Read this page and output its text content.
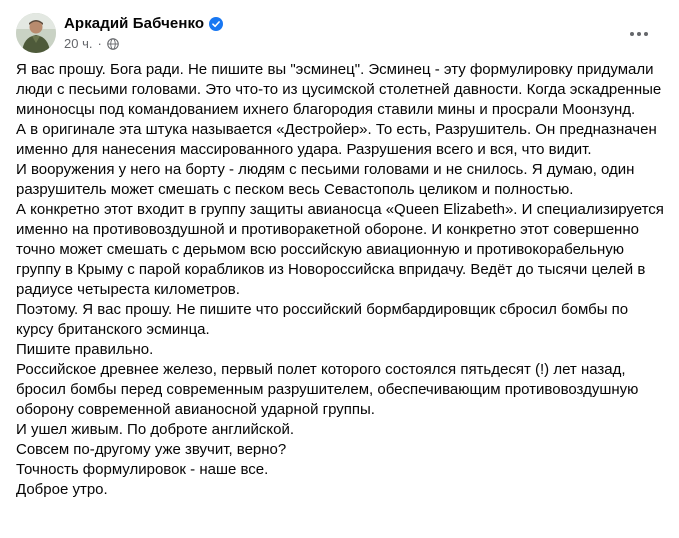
Аркадий Бабченко
20 ч. ·
Я вас прошу. Бога ради. Не пишите вы "эсминец". Эсминец - эту формулировку придумали
люди с песьими головами. Это что-то из цусимской столетней давности. Когда эскадренные
миноносцы под командованием ихнего благородия ставили мины и просрали Моонзунд.
А в оригинале эта штука называется «Дестройер». То есть, Разрушитель. Он предназначен
именно для нанесения массированного удара. Разрушения всего и вся, что видит.
И вооружения у него на борту - людям с песьими головами и не снилось. Я думаю, один
разрушитель может смешать с песком весь Севастополь целиком и полностью.
А конкретно этот входит в группу защиты авианосца «Queen Elizabeth». И специализируется
именно на противовоздушной и противоракетной обороне. И конкретно этот совершенно
точно может смешать с дерьмом всю российскую авиационную и противокорабельную
группу в Крыму с парой корабликов из Новороссийска впридачу. Ведёт до тысячи целей в
радиусе четыреста километров.
Поэтому. Я вас прошу. Не пишите что российский бормбардировщик сбросил бомбы по
курсу британского эсминца.
Пишите правильно.
Российское древнее железо, первый полет которого состоялся пятьдесят (!) лет назад,
бросил бомбы перед современным разрушителем, обеспечивающим противовоздушную
оборону современной авианосной ударной группы.
И ушел живым. По доброте английской.
Совсем по-другому уже звучит, верно?
Точность формулировок - наше все.
Доброе утро.
